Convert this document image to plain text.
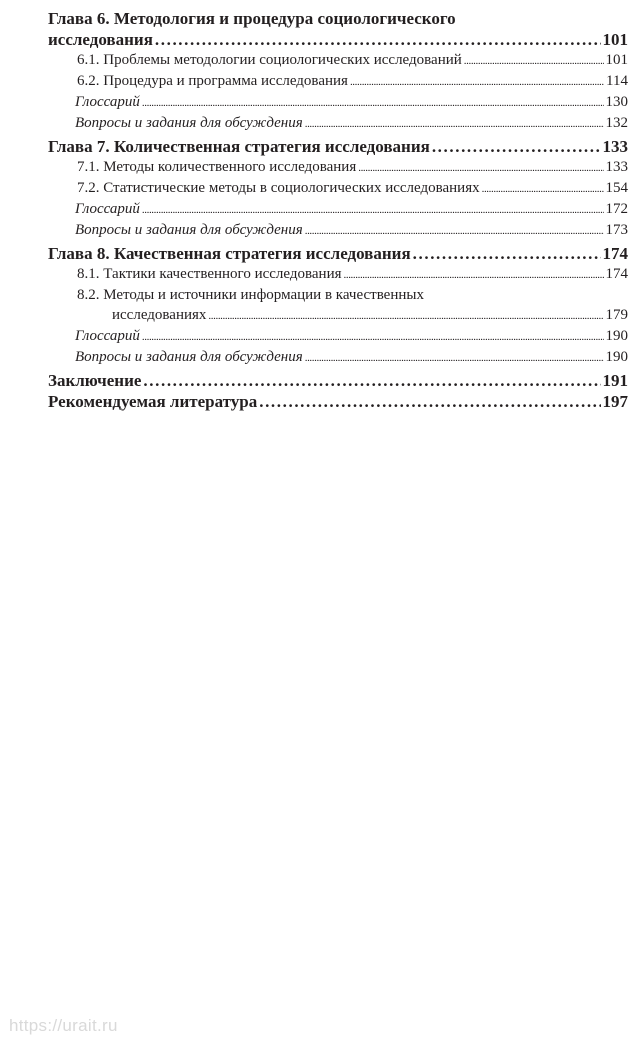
Глава 6. Методология и процедура социологического
исследования .....	101
6.1. Проблемы методологии социологических исследований .....	101
6.2. Процедура и программа исследования .....	114
Глоссарий .....	130
Вопросы и задания для обсуждения .....	132
Глава 7. Количественная стратегия исследования .....	133
7.1. Методы количественного исследования .....	133
7.2. Статистические методы в социологических исследованиях .....	154
Глоссарий .....	172
Вопросы и задания для обсуждения .....	173
Глава 8. Качественная стратегия исследования .....	174
8.1. Тактики качественного исследования .....	174
8.2. Методы и источники информации в качественных
исследованиях .....	179
Глоссарий .....	190
Вопросы и задания для обсуждения .....	190
Заключение .....	191
Рекомендуемая литература .....	197
https://urait.ru
